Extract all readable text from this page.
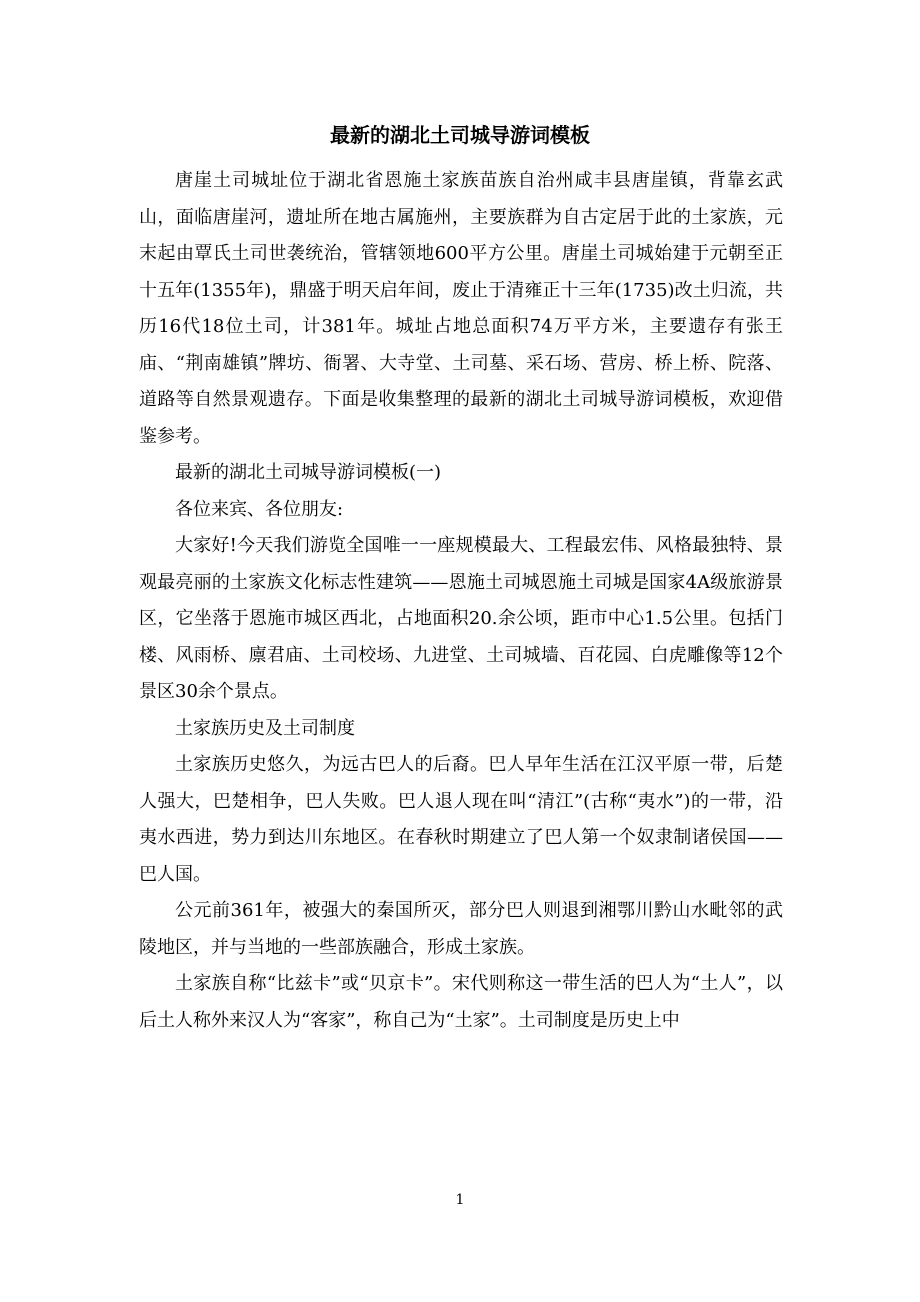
最新的湖北土司城导游词模板

唐崖土司城址位于湖北省恩施土家族苗族自治州咸丰县唐崖镇，背靠玄武山，面临唐崖河，遗址所在地古属施州，主要族群为自古定居于此的土家族，元末起由覃氏土司世袭统治，管辖领地600平方公里。唐崖土司城始建于元朝至正十五年(1355年)，鼎盛于明天启年间，废止于清雍正十三年(1735)改土归流，共历16代18位土司，计381年。城址占地总面积74万平方米，主要遗存有张王庙、“荆南雄镇”牌坊、衙署、大寺堂、土司墓、采石场、营房、桥上桥、院落、道路等自然景观遗存。下面是收集整理的最新的湖北土司城导游词模板，欢迎借鉴参考。

最新的湖北土司城导游词模板(一)

各位来宾、各位朋友:

大家好!今天我们游览全国唯一一座规模最大、工程最宏伟、风格最独特、景观最亮丽的土家族文化标志性建筑——恩施土司城恩施土司城是国家4A级旅游景区，它坐落于恩施市城区西北，占地面积20.余公顷，距市中心1.5公里。包括门楼、风雨桥、廪君庙、土司校场、九进堂、土司城墙、百花园、白虎雕像等12个景区30余个景点。

土家族历史及土司制度

土家族历史悠久，为远古巴人的后裔。巴人早年生活在江汉平原一带，后楚人强大，巴楚相争，巴人失败。巴人退人现在叫“清江”(古称“夷水”)的一带，沿夷水西进，势力到达川东地区。在春秋时期建立了巴人第一个奴隶制诸侯国——巴人国。

公元前361年，被强大的秦国所灭，部分巴人则退到湘鄂川黔山水毗邻的武陵地区，并与当地的一些部族融合，形成土家族。

土家族自称“比兹卡”或“贝京卡”。宋代则称这一带生活的巴人为“土人”，以后土人称外来汉人为“客家”，称自己为“土家”。土司制度是历史上中

1
